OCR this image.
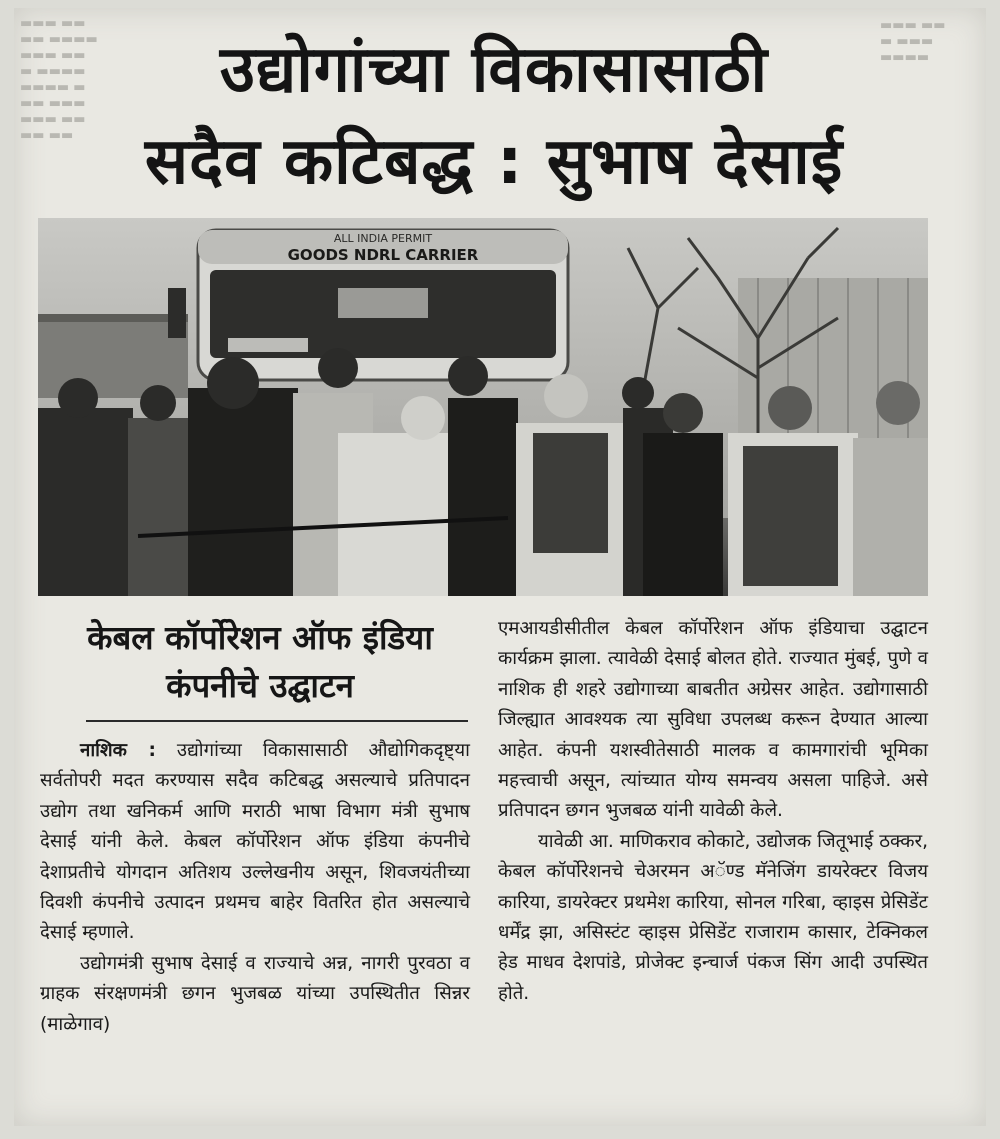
▬▬▬ ▬▬
▬▬ ▬▬▬▬
▬▬▬ ▬▬
▬ ▬▬▬▬
▬▬▬▬ ▬
▬▬ ▬▬▬
▬▬▬ ▬▬
▬▬ ▬▬
▬▬▬ ▬▬
▬ ▬▬▬
▬▬▬▬
उद्योगांच्या विकासासाठी
सदैव कटिबद्ध : सुभाष देसाई
ALL INDIA PERMIT
GOODS NDRL CARRIER
केबल कॉर्पोरेशन ऑफ इंडिया
कंपनीचे उद्घाटन

नाशिक : उद्योगांच्या विकासासाठी औद्योगिकदृष्ट्या सर्वतोपरी मदत करण्यास सदैव कटिबद्ध असल्याचे प्रतिपादन उद्योग तथा खनिकर्म आणि मराठी भाषा विभाग मंत्री सुभाष देसाई यांनी केले. केबल कॉर्पोरेशन ऑफ इंडिया कंपनीचे देशाप्रतीचे योगदान अतिशय उल्लेखनीय असून, शिवजयंतीच्या दिवशी कंपनीचे उत्पादन प्रथमच बाहेर वितरित होत असल्याचे देसाई म्हणाले.

उद्योगमंत्री सुभाष देसाई व राज्याचे अन्न, नागरी पुरवठा व ग्राहक संरक्षणमंत्री छगन भुजबळ यांच्या उपस्थितीत सिन्नर (माळेगाव)

एमआयडीसीतील केबल कॉर्पोरेशन ऑफ इंडियाचा उद्घाटन कार्यक्रम झाला. त्यावेळी देसाई बोलत होते. राज्यात मुंबई, पुणे व नाशिक ही शहरे उद्योगाच्या बाबतीत अग्रेसर आहेत. उद्योगासाठी जिल्ह्यात आवश्यक त्या सुविधा उपलब्ध करून देण्यात आल्या आहेत. कंपनी यशस्वीतेसाठी मालक व कामगारांची भूमिका महत्त्वाची असून, त्यांच्यात योग्य समन्वय असला पाहिजे. असे प्रतिपादन छगन भुजबळ यांनी यावेळी केले.

यावेळी आ. माणिकराव कोकाटे, उद्योजक जितूभाई ठक्कर, केबल कॉर्पोरेशनचे चेअरमन अॅण्ड मॅनेजिंग डायरेक्टर विजय कारिया, डायरेक्टर प्रथमेश कारिया, सोनल गरिबा, व्हाइस प्रेसिडेंट धर्मेंद्र झा, असिस्टंट व्हाइस प्रेसिडेंट राजाराम कासार, टेक्निकल हेड माधव देशपांडे, प्रोजेक्ट इन्चार्ज पंकज सिंग आदी उपस्थित होते.
